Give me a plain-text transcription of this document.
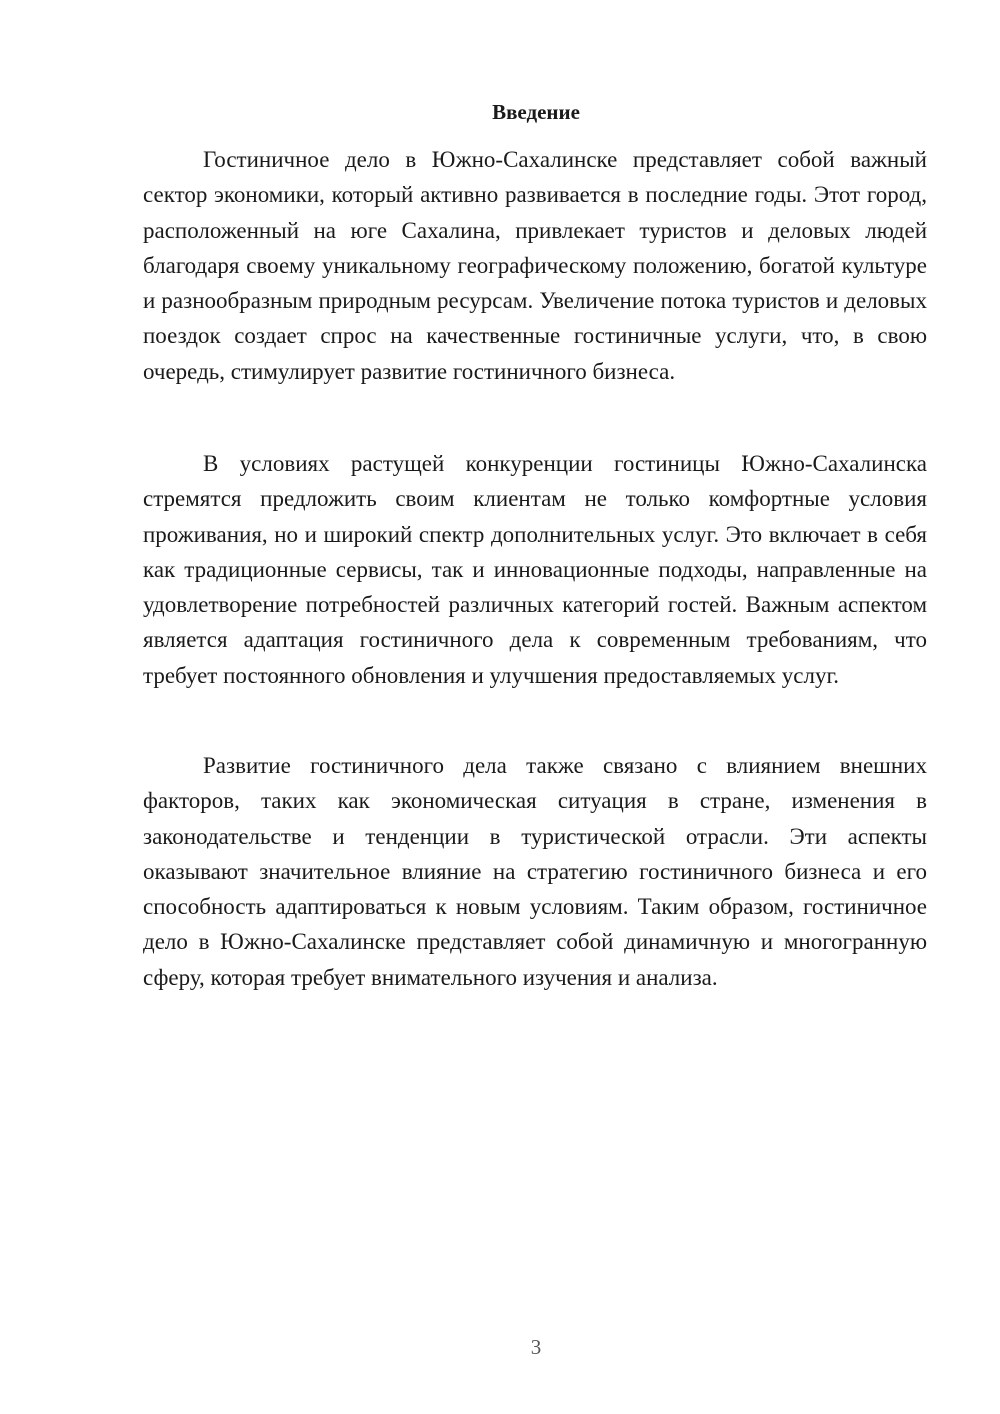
Введение

Гостиничное дело в Южно-Сахалинске представляет собой важный сектор экономики, который активно развивается в последние годы. Этот город, расположенный на юге Сахалина, привлекает туристов и деловых людей благодаря своему уникальному географическому положению, богатой культуре и разнообразным природным ресурсам. Увеличение потока туристов и деловых поездок создает спрос на качественные гостиничные услуги, что, в свою очередь, стимулирует развитие гостиничного бизнеса.

В условиях растущей конкуренции гостиницы Южно-Сахалинска стремятся предложить своим клиентам не только комфортные условия проживания, но и широкий спектр дополнительных услуг. Это включает в себя как традиционные сервисы, так и инновационные подходы, направленные на удовлетворение потребностей различных категорий гостей. Важным аспектом является адаптация гостиничного дела к современным требованиям, что требует постоянного обновления и улучшения предоставляемых услуг.

Развитие гостиничного дела также связано с влиянием внешних факторов, таких как экономическая ситуация в стране, изменения в законодательстве и тенденции в туристической отрасли. Эти аспекты оказывают значительное влияние на стратегию гостиничного бизнеса и его способность адаптироваться к новым условиям. Таким образом, гостиничное дело в Южно-Сахалинске представляет собой динамичную и многогранную сферу, которая требует внимательного изучения и анализа.

3
